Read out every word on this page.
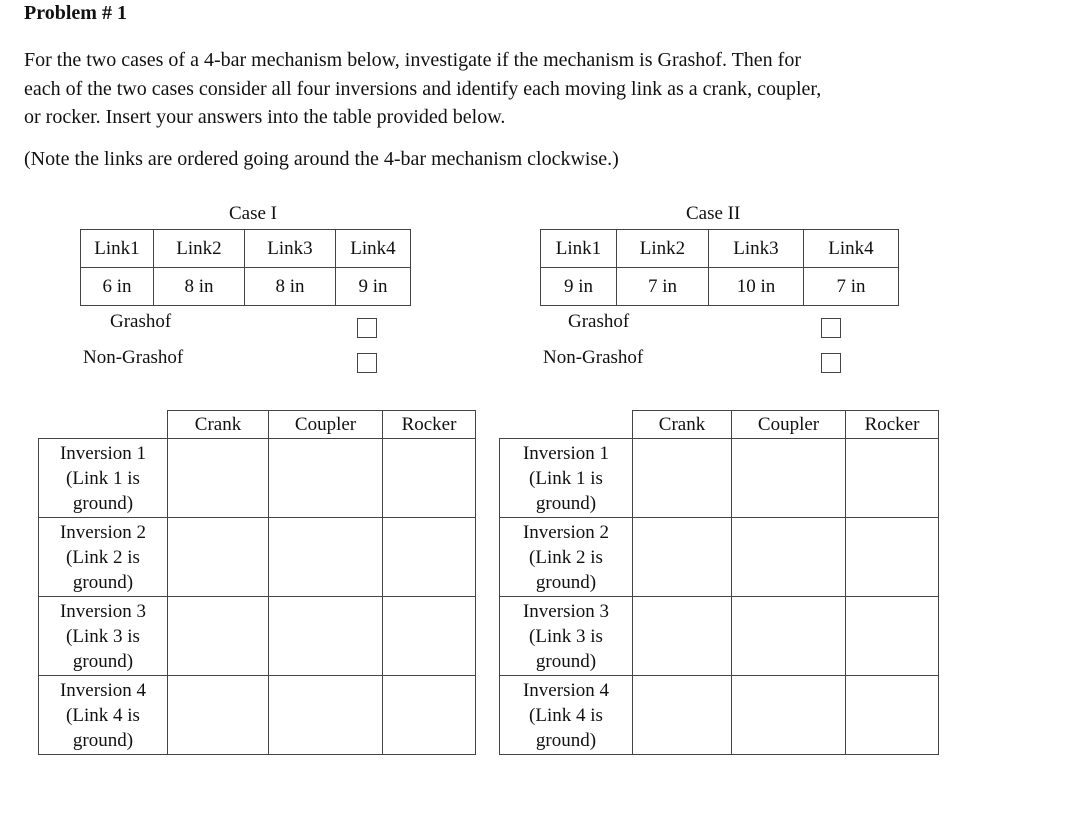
Problem # 1
For the two cases of a 4-bar mechanism below, investigate if the mechanism is Grashof. Then for
each of the two cases consider all four inversions and identify each moving link as a crank, coupler,
or rocker. Insert your answers into the table provided below.
(Note the links are ordered going around the 4-bar mechanism clockwise.)
Case I
Link1	Link2	Link3	Link4
6 in	8 in	8 in	9 in
Grashof
Non-Grashof
Case II
Link1	Link2	Link3	Link4
9 in	7 in	10 in	7 in
Grashof
Non-Grashof
	Crank	Coupler	Rocker

Inversion 1
(Link 1 is
ground)			

Inversion 2
(Link 2 is
ground)			

Inversion 3
(Link 3 is
ground)			

Inversion 4
(Link 4 is
ground)			

	Crank	Coupler	Rocker

Inversion 1
(Link 1 is
ground)			

Inversion 2
(Link 2 is
ground)			

Inversion 3
(Link 3 is
ground)			

Inversion 4
(Link 4 is
ground)			
